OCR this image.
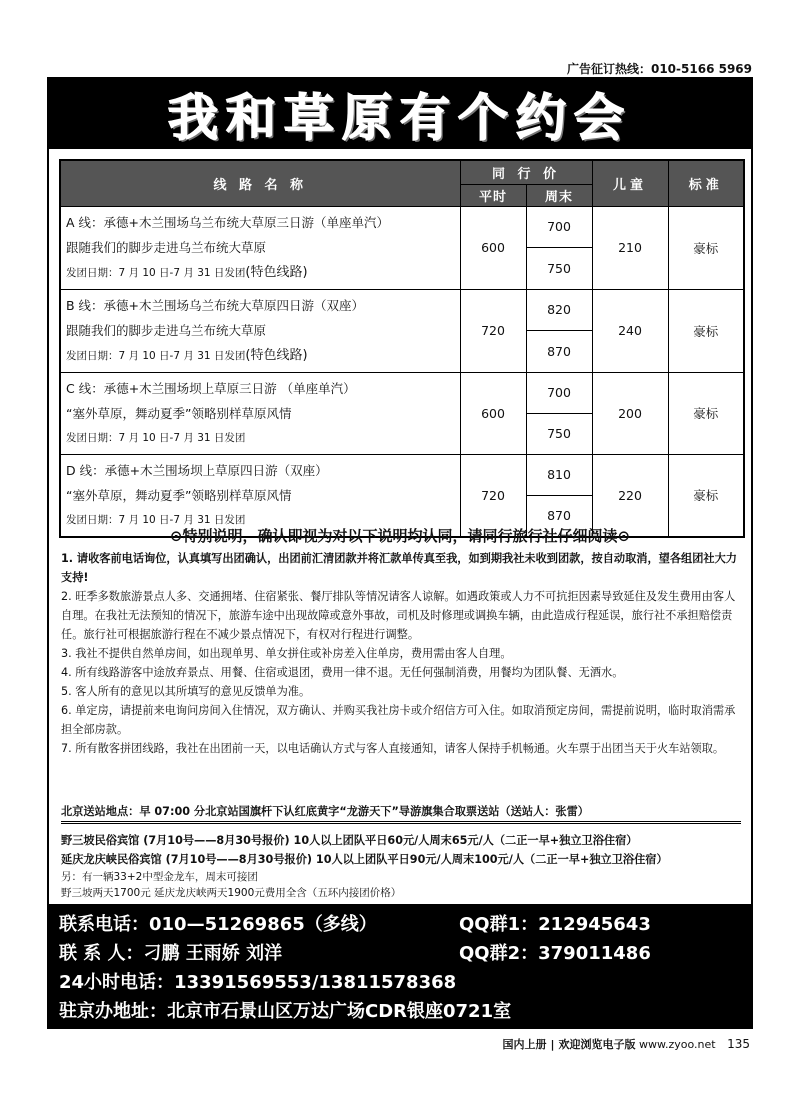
广告征订热线：010-5166 5969
我和草原有个约会
线 路 名 称	同 行 价		儿童	标准
	平时	周末		

A 线：承德+木兰围场乌兰布统大草原三日游（单座单汽）
跟随我们的脚步走进乌兰布统大草原
发团日期：7 月 10 日-7 月 31 日发团(特色线路)	600	700	210	豪标
		750		

B 线：承德+木兰围场乌兰布统大草原四日游（双座）
跟随我们的脚步走进乌兰布统大草原
发团日期：7 月 10 日-7 月 31 日发团(特色线路)	720	820	240	豪标
		870		

C 线：承德+木兰围场坝上草原三日游 （单座单汽）
“塞外草原，舞动夏季”领略别样草原风情
发团日期：7 月 10 日-7 月 31 日发团	600	700	200	豪标
		750		

D 线：承德+木兰围场坝上草原四日游（双座）
“塞外草原，舞动夏季”领略别样草原风情
发团日期：7 月 10 日-7 月 31 日发团	720	810	220	豪标
		870		
⊙特别说明，确认即视为对以下说明均认同，请同行旅行社仔细阅读⊙

1. 请收客前电话询位，认真填写出团确认，出团前汇清团款并将汇款单传真至我，如到期我社未收到团款，按自动取消，望各组团社大力支持!

2. 旺季多数旅游景点人多、交通拥堵、住宿紧张、餐厅排队等情况请客人谅解。如遇政策或人力不可抗拒因素导致延住及发生费用由客人自理。在我社无法预知的情况下，旅游车途中出现故障或意外事故，司机及时修理或调换车辆，由此造成行程延误，旅行社不承担赔偿责任。旅行社可根据旅游行程在不减少景点情况下，有权对行程进行调整。

3. 我社不提供自然单房间，如出现单男、单女拼住或补房差入住单房，费用需由客人自理。

4. 所有线路游客中途放弃景点、用餐、住宿或退团，费用一律不退。无任何强制消费，用餐均为团队餐、无酒水。

5. 客人所有的意见以其所填写的意见反馈单为准。

6. 单定房，请提前来电询问房间入住情况，双方确认、并购买我社房卡或介绍信方可入住。如取消预定房间，需提前说明，临时取消需承担全部房款。

7. 所有散客拼团线路，我社在出团前一天，以电话确认方式与客人直接通知，请客人保持手机畅通。火车票于出团当天于火车站领取。

北京送站地点：早 07:00 分北京站国旗杆下认红底黄字“龙游天下”导游旗集合取票送站（送站人：张雷）

野三坡民俗宾馆 (7月10号——8月30号报价) 10人以上团队平日60元/人周末65元/人（二正一早+独立卫浴住宿）

延庆龙庆峡民俗宾馆 (7月10号——8月30号报价) 10人以上团队平日90元/人周末100元/人（二正一早+独立卫浴住宿）

另：有一辆33+2中型金龙车，周末可接团

野三坡两天1700元 延庆龙庆峡两天1900元费用全含（五环内接团价格）

联系电话：010—51269865（多线）	QQ群1：212945643
联 系 人：刁鹏 王雨娇 刘洋	QQ群2：379011486
24小时电话：13391569553/13811578368
驻京办地址：北京市石景山区万达广场CDR银座0721室
国内上册 | 欢迎浏览电子版 www.zyoo.net 135
